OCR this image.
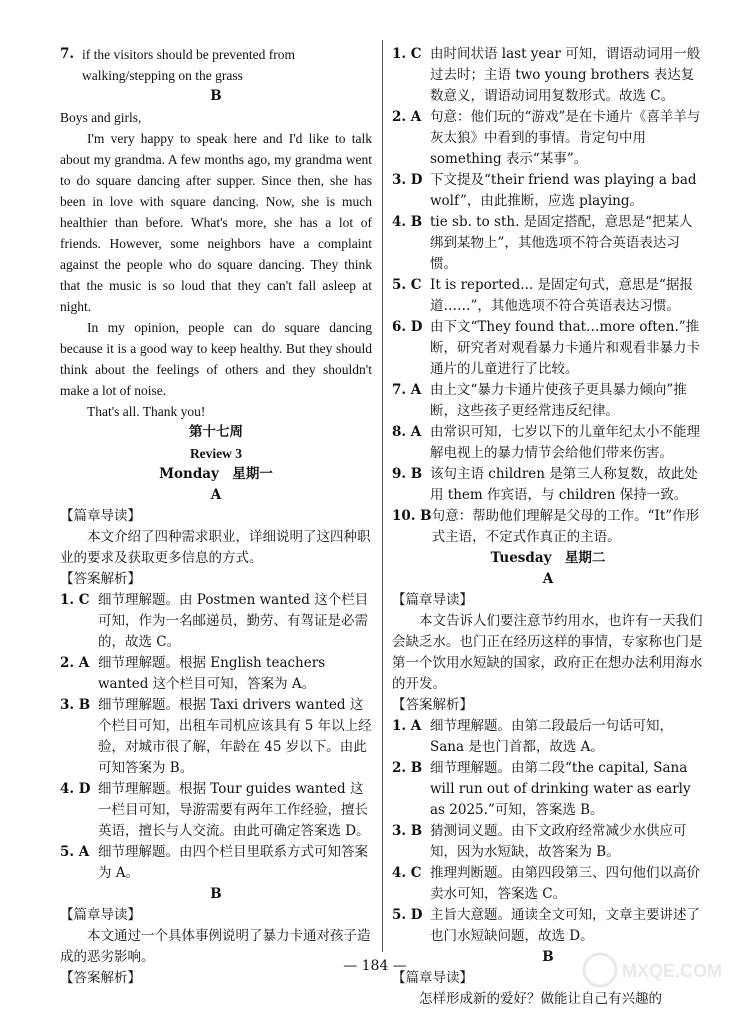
7. if the visitors should be prevented from walking/stepping on the grass

B

Boys and girls,

I'm very happy to speak here and I'd like to talk about my grandma. A few months ago, my grandma went to do square dancing after supper. Since then, she has been in love with square dancing. Now, she is much healthier than before. What's more, she has a lot of friends. However, some neighbors have a complaint against the people who do square dancing. They think that the music is so loud that they can't fall asleep at night.

In my opinion, people can do square dancing because it is a good way to keep healthy. But they should think about the feelings of others and they shouldn't make a lot of noise.

That's all. Thank you!

第十七周

Review 3

Monday　星期一

A

【篇章导读】

本文介绍了四种需求职业，详细说明了这四种职业的要求及获取更多信息的方式。

【答案解析】

1. C 细节理解题。由 Postmen wanted 这个栏目可知，作为一名邮递员，勤劳、有驾证是必需的，故选 C。
2. A 细节理解题。根据 English teachers wanted 这个栏目可知，答案为 A。
3. B 细节理解题。根据 Taxi drivers wanted 这个栏目可知，出租车司机应该具有 5 年以上经验，对城市很了解，年龄在 45 岁以下。由此可知答案为 B。
4. D 细节理解题。根据 Tour guides wanted 这一栏目可知，导游需要有两年工作经验，擅长英语，擅长与人交流。由此可确定答案选 D。
5. A 细节理解题。由四个栏目里联系方式可知答案为 A。

B

【篇章导读】

本文通过一个具体事例说明了暴力卡通对孩子造成的恶劣影响。

【答案解析】

1. C 由时间状语 last year 可知，谓语动词用一般过去时；主语 two young brothers 表达复数意义，谓语动词用复数形式。故选 C。
2. A 句意：他们玩的“游戏”是在卡通片《喜羊羊与灰太狼》中看到的事情。肯定句中用 something 表示“某事”。
3. D 下文提及“their friend was playing a bad wolf”，由此推断，应选 playing。
4. B tie sb. to sth. 是固定搭配，意思是“把某人绑到某物上”，其他选项不符合英语表达习惯。
5. C It is reported... 是固定句式，意思是“据报道……”，其他选项不符合英语表达习惯。
6. D 由下文“They found that…more often.”推断，研究者对观看暴力卡通片和观看非暴力卡通片的儿童进行了比较。
7. A 由上文“暴力卡通片使孩子更具暴力倾向”推断，这些孩子更经常违反纪律。
8. A 由常识可知，七岁以下的儿童年纪太小不能理解电视上的暴力情节会给他们带来伤害。
9. B 该句主语 children 是第三人称复数，故此处用 them 作宾语，与 children 保持一致。
10. B 句意：帮助他们理解是父母的工作。“It”作形式主语，不定式作真正的主语。

Tuesday　星期二

A

【篇章导读】

本文告诉人们要注意节约用水，也许有一天我们会缺乏水。也门正在经历这样的事情，专家称也门是第一个饮用水短缺的国家，政府正在想办法利用海水的开发。

【答案解析】

1. A 细节理解题。由第二段最后一句话可知，Sana 是也门首都，故选 A。
2. B 细节理解题。由第二段“the capital, Sana will run out of drinking water as early as 2025.”可知，答案选 B。
3. B 猜测词义题。由下文政府经常减少水供应可知，因为水短缺，故答案为 B。
4. C 推理判断题。由第四段第三、四句他们以高价卖水可知，答案选 C。
5. D 主旨大意题。通读全文可知，文章主要讲述了也门水短缺问题，故选 D。

B

【篇章导读】

怎样形成新的爱好？做能让自己有兴趣的

— 184 —	MXQE.COM
